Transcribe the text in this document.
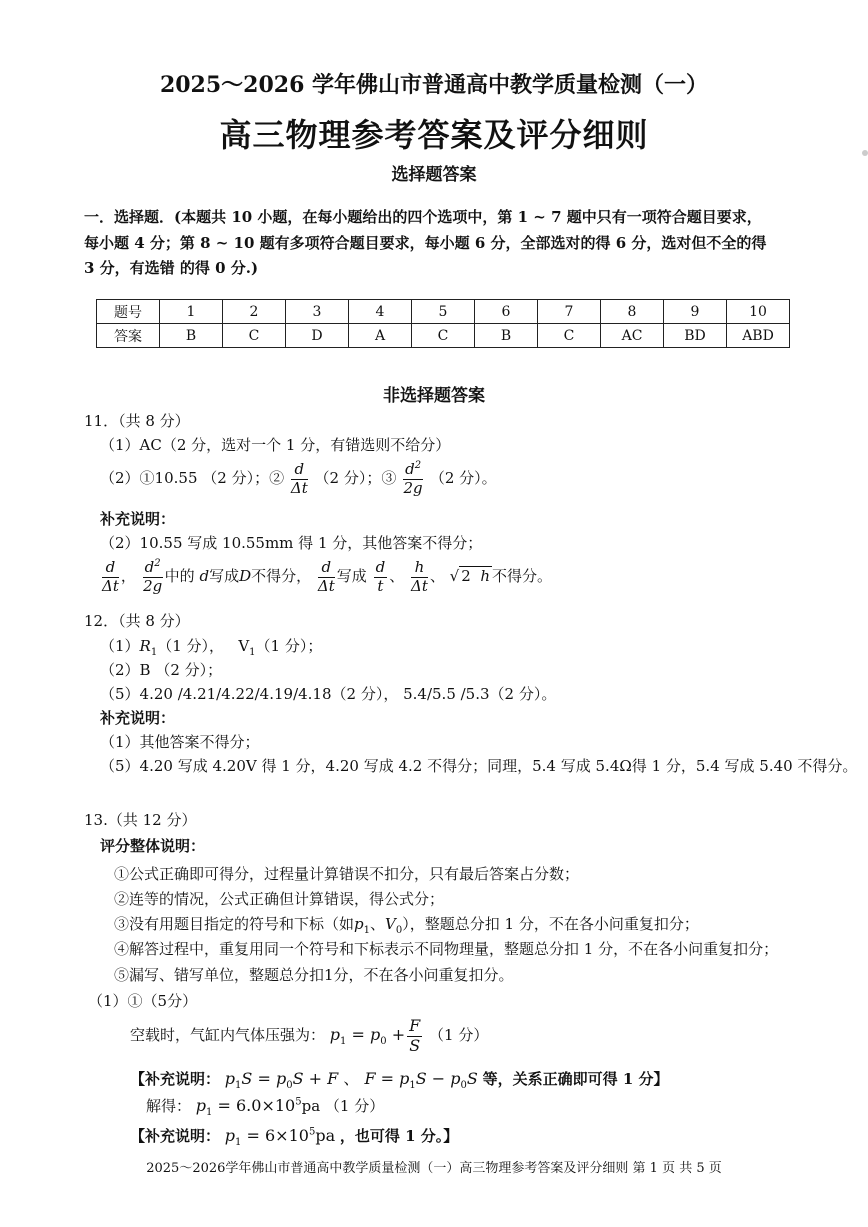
2025～2026 学年佛山市普通高中教学质量检测（一）
高三物理参考答案及评分细则
选择题答案
一．选择题．(本题共 10 小题，在每小题给出的四个选项中，第 1 ~ 7 题中只有一项符合题目要求，
每小题 4 分；第 8 ~ 10 题有多项符合题目要求，每小题 6 分，全部选对的得 6 分，选对但不全的得
3 分，有选错 的得 0 分.)
题号	1	2	3	4	5	6	7	8	9	10
答案	B	C	D	A	C	B	C	AC	BD	ABD
非选择题答案
11．（共 8 分）
（1）AC（2 分，选对一个 1 分，有错选则不给分）
（2）①10.55 （2 分）；② $\frac{d}{\Delta t} (2$ 分）；③ $\frac{d^2}{2g} (2$ 分）。
补充说明：
（2）10.55 写成 10.55mm 得 1 分，其他答案不得分；
$\frac{d}{\Delta t}$ ， $\frac{d^2}{2g}$ 中的 d写成D不得分， $\frac{d}{\Delta t}$ 写成 $\frac{d}{t}$ 、 $\frac{h}{\Delta t}$ 、 √ 2  h 不得分。
12．（共 8 分）
$(1)R_1(1$ 分），   $V_1(1$ 分）；
（2）B （2 分）；
（5）4.20 /4.21/4.22/4.19/4.18（2 分）， 5.4/5.5 /5.3（2 分）。
补充说明：
（1）其他答案不得分；
（5）4.20 写成 4.20V 得 1 分，4.20 写成 4.2 不得分；同理，5.4 写成 5.4Ω得 1 分，5.4 写成 5.40 不得分。
13.（共 12 分）
评分整体说明：
①公式正确即可得分，过程量计算错误不扣分，只有最后答案占分数；
②连等的情况，公式正确但计算错误，得公式分；
③没有用题目指定的符号和下标（如$p_1$、$V_0$），整题总分扣 1 分，不在各小问重复扣分；
④解答过程中，重复用同一个符号和下标表示不同物理量，整题总分扣 1 分，不在各小问重复扣分；
⑤漏写、错写单位，整题总分扣1分，不在各小问重复扣分。
（1）①（5分）
空载时，气缸内气体压强为： $p_1 = p_0 + \frac{F}{S} (1$ 分）
【补充说明： $p_1S = p_0S + F$ 、 $F = p_1S - p_0S$ 等，关系正确即可得 1 分】
解得： $p_1 = 6.0\times 10^5pa$ （1 分）
【补充说明： $p_1 = 6\times 10^5pa$ ，也可得 1 分。】
2025～2026学年佛山市普通高中教学质量检测（一）高三物理参考答案及评分细则 第 1 页 共 5 页
